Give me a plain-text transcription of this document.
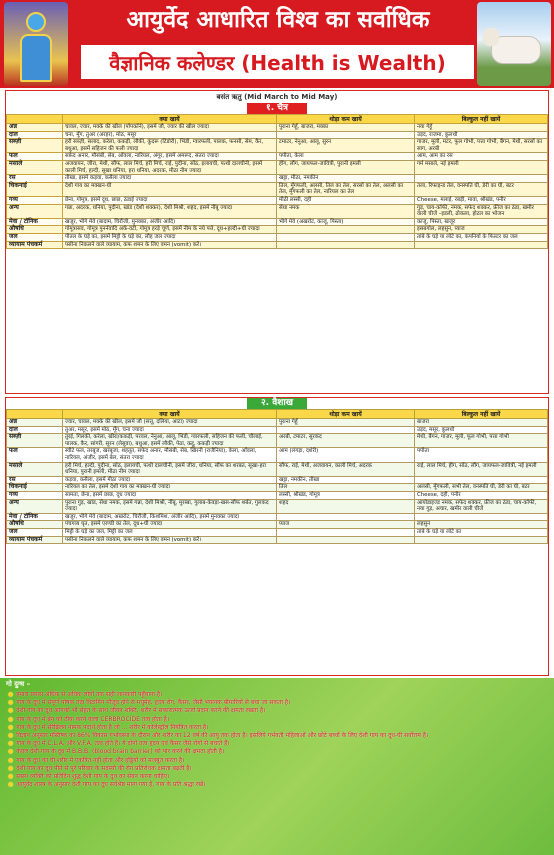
आयुर्वेद आधारित विश्व का सर्वाधिक
वैज्ञानिक कलेण्डर (Health is Wealth)
बसंत ऋतु (Mid March to Mid May)
१. चैत्र
	क्या खायें	थोड़ा कम खायें	बिल्कुल नहीं खायें
अन्न	चावल, ज्वार, मक्के की खील (पॉपकॉर्न), इसमें जौ, ज्वार की खील ज्यादा	पुराना गेहूँ, बाजरा, मक्का	नया गेहूँ
दाल	चना, मूँग, तुअर (अरहर), मोठ, मसूर		उड़द, राजमा, कुलथी
सब्ज़ी	हरी सब्ज़ी, सलाद, करेला, ककड़ी, लौकी, कुंदरू (टिंडोरी), भिंडी, ग्वारफली, पालक, फनसी, सेम, कैर, बथुआ, इसमें सहिजन की फली ज्यादा	टमाटर, नेनुआ, आलू, सुरन	गाजर, मूली, मटर, फूल गोभी, पत्ता गोभी, बैंगन, मेथी, सरसों का साग, अरबी
फल	सफ़ेद अनार, मौसंबी, सेब, आँवला, नारियल, अंगूर, इसमें अमरूद, संतरा ज्यादा	पपीता, केला	आम, आम का रस
मसाले	अजवायन, जीरा, मेथी, सौंफ, लाल मिर्च, हरी मिर्च, राई, पुदीना, सोंठ, इलायची, पत्थी दालचीनी, इसमें काली मिर्च, हल्दी, सूखा धनिया, हरा धनिया, अदरक, मीठा नीम ज्यादा	हींग, लौंग, जायफल-जावित्री, पुरानी इमली	गर्म मसाले, नई इमली
रस	तीखा, इसमें कड़वा, कसैला ज्यादा	खट्टा, मीठा, नमकीन	
चिकनाई	देशी गाय का मक्खन-घी	तिल, मूँगफली, अलसी, तिल का तेल, सरसों का तेल, अलसी का तेल, मूँगफली का तेल, नारियल का तेल	तला, रिफाइन्ड तेल, वनस्पति घी, डेरी का घी, बटर
गव्य	छेना, गोमूत्र, इसमें दूध, छाछ, ठंडाई ज्यादा	मीठी लस्सी, दही	Cheese, मलाई, रबड़ी, मावा, श्रीखंड, पनीर
अन्य	गन्ना, अदरक, धनिया, पुदीना, खांड (देशी शक्कर), देशी मिश्री, शहद, इसमें नींबू ज्यादा	सेंधा नमक	गुड़, चाय-कॉफी, नमक, सफेद शक्कर, फ्रीज का ठंडा, खमीर वाली चीजें –इडली, ढोकला, होटल का भोजन
मेवा / टॉनिक	खजूर, भीगे मेवे (बादाम, चिरौंजी, मुनक्का, अंजीर आदि)	भीगे मेवे (अखरोट, काजू, पिस्ता)	काजू, पिस्ता, खजूर
औषधि	गोमूत्रासव, गोमूत्र पुनर्नवादि अर्क-वटी, गोमूत्र हरड़े चूर्ण, इसमें नीम के नये पत्ते, दूध+हल्दी+घी ज्यादा		इसबगोल, लहसुन, प्याज
जल	पीतल के घड़े का, इसमें मिट्टी के घड़े का, लौह जल ज्यादा		तांबे के घड़े या लोटे का, कंपनियों के फिल्टर का जल
व्यायाम पंचकर्म	पसीना निकलने वाले व्यायाम, कफ शमन के लिए वमन (vomit) करें।		
२. वैशाख
	क्या खायें	थोड़ा कम खायें	बिल्कुल नहीं खायें
अन्न	ज्वार, चावल, मक्के की खील, इसमें जौ (सत्तू, दलिया, आटा) ज्यादा	पुराना गेहूँ	बाजरा
दाल	तुअर, मसूर, इसमें मोठ, मूँग, चना ज्यादा		उड़द, मसूर, कुलथी
सब्ज़ी	तुरई, गिलकी, करेला, खीरा/ककड़ी, परवल, नेनुआ, आलू, भिंडी, ग्वारफली, सहिजन की फली, चौलाई, पालक, कैर, सांगरी, सूरन (लेसुवा), बथुआ, इसमें लौकी, पेठा, कद्दू, ककड़ी ज्यादा	अरबी, टमाटर, सुरकंद	मेथी, बैंगन, गाजर, मूली, फूल गोभी, पत्ता गोभी
फल	स्वीटे फल, तरबूज, खरबूजा, शहतूत, सफेद अनार, मौसंबी, सेब, खिरनी (राजैनिया), केला, आँवला, नारियल, अंजीर, इसमें बेल, संतरा ज्यादा	आम (लंगड़ा, दशेरी)	पपीता
मसाले	हरी मिर्च, हल्दी, पुदीना, सोंठ, इलायची, पत्थी दालचीनी, इसमें जीरा, धनिया, सौंफ का शरबत, सूखा-हरा धनिया, पुरानी इमली, मीठा नीम ज्यादा	सौंफ, राई, मेथी, अजवायन, काली मिर्च, अदरक	राई, लाल मिर्च, हींग, सोंठ, लौंग, जायफल-जावित्री, नई इमली
रस	कड़वा, कसैला, इसमें मीठा ज्यादा	खट्टा, नमकीन, तीखा	
चिकनाई	नारियल का तेल, इसमें देशी गाय का मक्खन-घी ज्यादा	तिल	अलसी, मूँगफली, सभी तेल, वनस्पति घी, डेरी का घी, बटर
गव्य	सामता, छेना, इसमें छाछ, दूध ज्यादा	लस्सी, श्रीखंड, गोमूत्र	Cheese, दही, पनीर
अन्य	पुराना गुड़, खांड, सेंधा नमक, इसमें गन्ना, देशी मिश्री, नींबू, मुरब्बा, गुलाब-केवड़ा-खस-सौंफ शर्बत, गुलकंद ज्यादा	शहद	आयोडाइज्ड नमक, सफेद शक्कर, फ्रीज का ठंडा, चाय-कॉफी, नया गुड़, अचार, खमीर वाली चीजें
मेवा / टॉनिक	खजूर, भीगे मेवे (बादाम, अखरोट, चिरौंजी, किशमिश, अंजीर आदि), इसमें मुनक्का ज्यादा		
औषधि	पंचगव्य घृत, इसमें एरण्डी का तेल, दूध+घी ज्यादा	प्याज	लहसुन
जल	मिट्टी के घड़े का जल, मिट्टी का जल		तांबे के घड़े या लोटे का
व्यायाम पंचकर्म	पसीना निकलने वाले व्यायाम, कफ शमन के लिए वमन (vomit) करें।		
गो दुग्ध –
● हमारा प्रयास अधिक से अधिक लोगों तक सही जानकारी पहुँचाना है।
● गाय के दूध में संपूर्ण पोषक तत्व विटामिन मौजूद होने से मधुमेह, हृदय रोग, कैंसर, जैसी भयानक बीमारियों से बचा जा सकता है।
● देशी गाय का दूध आपको भी सेहत के साथ जीवन शक्ति, शरीर में सकारात्मक ऊर्जा प्रदान करने की क्षमता रखता है।
● गाय के दूध में ब्रेन को ठीक करने वाला CERBROCIDE तत्व होता है।
● गाय के दूध में सेरेब्रिलन नामक पदार्थ होता है जो ... शरीर में कोलेस्ट्रॉल नियंत्रित करता है।
● विज्ञान अनुसार मस्तिष्क का 86% विकास गर्भावस्था के दौरान और शरीर का 12 वर्ष की आयु तक होता है। इसलिये गर्भवती महिलाओं और छोटे बच्चों के लिए देशी गाय का दूध-घी सर्वोत्तम है।
● गाय के दूध में C.L.A. और V.F.A. तत्व होते हैं। ये दोनों तत्व हृदय एवं कैंसर जैसे रोगों से बचाते हैं।
● केवल देशी गाय के दूध में B.B.B. (blood brain barrier) को पार करने की क्षमता होती है।
● गाय के दूध का घी शरीर में एकत्रित नहीं होता और हड्डियों को मजबूत करता है।
● देशी गाय का दूध पीने से पूरे परिवार के सदस्यों की रोग प्रतिरोधक क्षमता बढ़ती है।
● स्वस्थ व्यक्ति को प्रतिदिन शुद्ध देशी गाय के दूध का सेवन करना चाहिए।
● आयुर्वेद शास्त्र के अनुसार देशी गाय का दूध सर्वश्रेष्ठ माना गया है, गाय के प्रति श्रद्धा रखें।
